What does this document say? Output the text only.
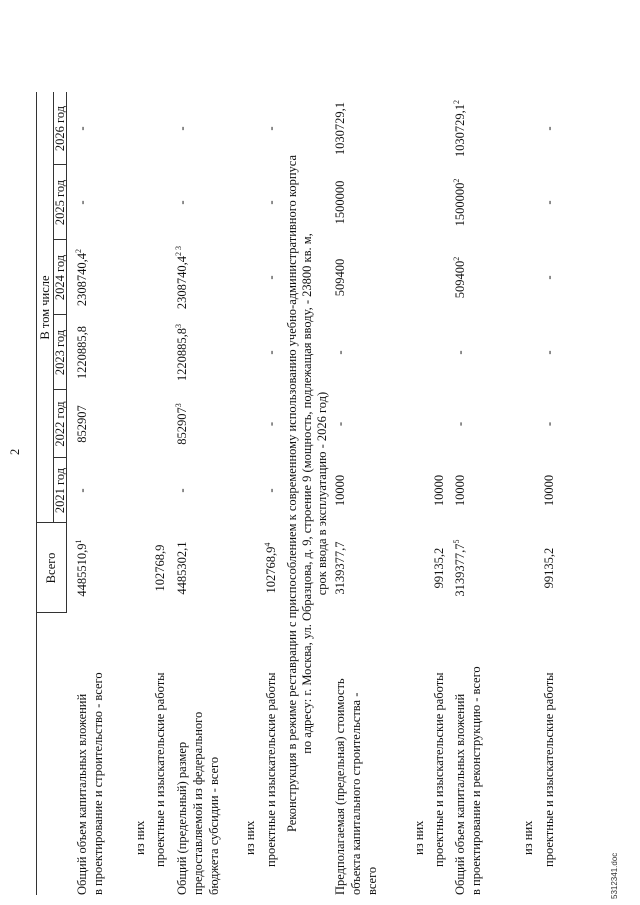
2
Всего
В том числе
2021 год
2022 год
2023 год
2024 год
2025 год
2026 год
Общий объем капитальных вложений в проектирование и строительство - всего
4485510,9$^1$
-
852907
1220885,8
2308740,4$^2$
-
-
из них проектные и изыскательские работы
102768,9
Общий (предельный) размер предоставляемой из федерального бюджета субсидии - всего
4485302,1
-
852907$^3$
1220885,8$^3$
$2308740,4^{2 3}$
-
-
из них проектные и изыскательские работы
102768,9$^4$
-
-
-
-
-
-
Реконструкция в режиме реставрации с приспособлением к современному использованию учебно-административного корпуса по адресу: г. Москва, ул. Образцова, д. 9, строение 9 (мощность, подлежащая вводу, - 23800 кв. м, срок ввода в эксплуатацию - 2026 год)
Предполагаемая (предельная) стоимость объекта капитального строительства - всего
3139377,7
10000
-
-
509400
1500000
1030729,1
из них проектные и изыскательские работы
99135,2
10000
Общий объем капитальных вложений в проектирование и реконструкцию - всего
3139377,7$^5$
10000
-
-
509400$^2$
1500000$^2$
1030729,1$^2$
из них проектные и изыскательские работы
99135,2
10000
-
-
-
-
-
5312341.doc
